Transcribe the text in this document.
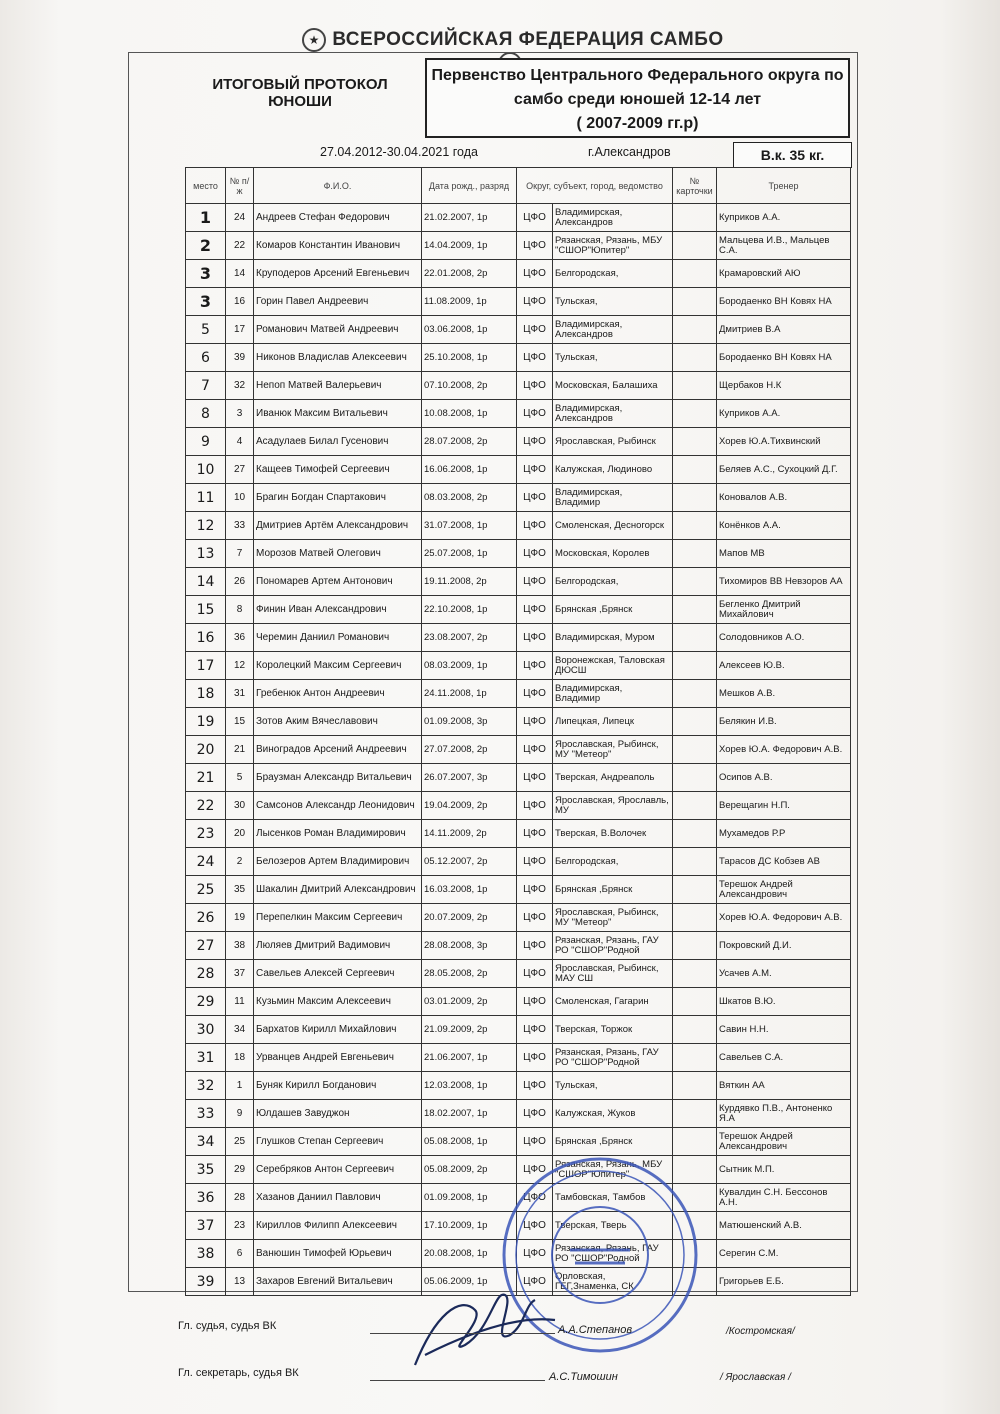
★ ВСЕРОССИЙСКАЯ ФЕДЕРАЦИЯ САМБО
ИТОГОВЫЙ ПРОТОКОЛ
ЮНОШИ
Первенство Центрального Федерального округа по
самбо среди юношей 12-14 лет
( 2007-2009 гг.р)
27.04.2012-30.04.2021 года	г.Александров	В.к. 35 кг.
место	№ п/ж	Ф.И.О.	Дата рожд., разряд	Округ, субъект, город, ведомство		№ карточки	Тренер
1	24	Андреев Стефан Федорович	21.02.2007, 1р	ЦФО	Владимирская, Александров		Куприков А.А.
2	22	Комаров Константин Иванович	14.04.2009, 1р	ЦФО	Рязанская, Рязань, МБУ "СШОР"Юпитер"		Мальцева И.В., Мальцев С.А.
3	14	Круподеров Арсений Евгеньевич	22.01.2008, 2р	ЦФО	Белгородская,		Крамаровский АЮ
3	16	Горин Павел Андреевич	11.08.2009, 1р	ЦФО	Тульская,		Бородаенко ВН Ковях НА
5	17	Романович Матвей Андреевич	03.06.2008, 1р	ЦФО	Владимирская, Александров		Дмитриев В.А
6	39	Никонов Владислав Алексеевич	25.10.2008, 1р	ЦФО	Тульская,		Бородаенко ВН Ковях НА
7	32	Непоп Матвей Валерьевич	07.10.2008, 2р	ЦФО	Московская, Балашиха		Щербаков Н.К
8	3	Иванюк Максим Витальевич	10.08.2008, 1р	ЦФО	Владимирская, Александров		Куприков А.А.
9	4	Асадулаев Билал Гусенович	28.07.2008, 2р	ЦФО	Ярославская, Рыбинск		Хорев Ю.А.Тихвинский
10	27	Кащеев Тимофей Сергеевич	16.06.2008, 1р	ЦФО	Калужская, Людиново		Беляев А.С., Сухоцкий Д.Г.
11	10	Брагин Богдан Спартакович	08.03.2008, 2р	ЦФО	Владимирская, Владимир		Коновалов А.В.
12	33	Дмитриев Артём Александрович	31.07.2008, 1р	ЦФО	Смоленская, Десногорск		Конёнков А.А.
13	7	Морозов Матвей Олегович	25.07.2008, 1р	ЦФО	Московская, Королев		Мапов МВ
14	26	Пономарев Артем Антонович	19.11.2008, 2р	ЦФО	Белгородская,		Тихомиров ВВ Невзоров АА
15	8	Финин Иван Александрович	22.10.2008, 1р	ЦФО	Брянская ,Брянск		Бегленко Дмитрий Михайлович
16	36	Черемин Даниил Романович	23.08.2007, 2р	ЦФО	Владимирская, Муром		Солодовников А.О.
17	12	Королецкий Максим Сергеевич	08.03.2009, 1р	ЦФО	Воронежская, Таловская ДЮСШ		Алексеев Ю.В.
18	31	Гребенюк Антон Андреевич	24.11.2008, 1р	ЦФО	Владимирская, Владимир		Мешков А.В.
19	15	Зотов Аким Вячеславович	01.09.2008, 3р	ЦФО	Липецкая, Липецк		Белякин И.В.
20	21	Виноградов Арсений Андреевич	27.07.2008, 2р	ЦФО	Ярославская, Рыбинск, МУ "Метеор"		Хорев Ю.А. Федорович А.В.
21	5	Браузман Александр Витальевич	26.07.2007, 3р	ЦФО	Тверская, Андреаполь		Осипов А.В.
22	30	Самсонов Александр Леонидович	19.04.2009, 2р	ЦФО	Ярославская, Ярославль, МУ		Верещагин Н.П.
23	20	Лысенков Роман Владимирович	14.11.2009, 2р	ЦФО	Тверская, В.Волочек		Мухамедов Р.Р
24	2	Белозеров Артем Владимирович	05.12.2007, 2р	ЦФО	Белгородская,		Тарасов ДС Кобзев АВ
25	35	Шакалин Дмитрий Александрович	16.03.2008, 1р	ЦФО	Брянская ,Брянск		Терешок Андрей Александрович
26	19	Перепелкин Максим Сергеевич	20.07.2009, 2р	ЦФО	Ярославская, Рыбинск, МУ "Метеор"		Хорев Ю.А. Федорович А.В.
27	38	Люляев Дмитрий Вадимович	28.08.2008, 3р	ЦФО	Рязанская, Рязань, ГАУ РО "СШОР"Родной		Покровский Д.И.
28	37	Савельев Алексей Сергеевич	28.05.2008, 2р	ЦФО	Ярославская, Рыбинск, МАУ СШ		Усачев А.М.
29	11	Кузьмин Максим Алексеевич	03.01.2009, 2р	ЦФО	Смоленская, Гагарин		Шкатов В.Ю.
30	34	Бархатов Кирилл Михайлович	21.09.2009, 2р	ЦФО	Тверская, Торжок		Савин Н.Н.
31	18	Урванцев Андрей Евгеньевич	21.06.2007, 1р	ЦФО	Рязанская, Рязань, ГАУ РО "СШОР"Родной		Савельев С.А.
32	1	Буняк Кирилл Богданович	12.03.2008, 1р	ЦФО	Тульская,		Вяткин АА
33	9	Юлдашев Завуджон	18.02.2007, 1р	ЦФО	Калужская, Жуков		Курдявко П.В., Антоненко Я.А
34	25	Глушков Степан Сергеевич	05.08.2008, 1р	ЦФО	Брянская ,Брянск		Терешок Андрей Александрович
35	29	Серебряков Антон Сергеевич	05.08.2009, 2р	ЦФО	Рязанская, Рязань, МБУ "СШОР"Юпитер"		Сытник М.П.
36	28	Хазанов Даниил Павлович	01.09.2008, 1р	ЦФО	Тамбовская, Тамбов		Кувалдин С.Н. Бессонов А.Н.
37	23	Кириллов Филипп Алексеевич	17.10.2009, 1р	ЦФО	Тверская, Тверь		Матюшенский А.В.
38	6	Ванюшин Тимофей Юрьевич	20.08.2008, 1р	ЦФО	Рязанская, Рязань, ГАУ РО "СШОР"Родной		Серегин С.М.
39	13	Захаров Евгений Витальевич	05.06.2009, 1р	ЦФО	Орловская, ГЕГ,Знаменка, СК		Григорьев Е.Б.
Гл. судья, судья ВК	А.А.Степанов	/Костромская/
Гл. секретарь, судья ВК	А.С.Тимошин	/ Ярославская /
